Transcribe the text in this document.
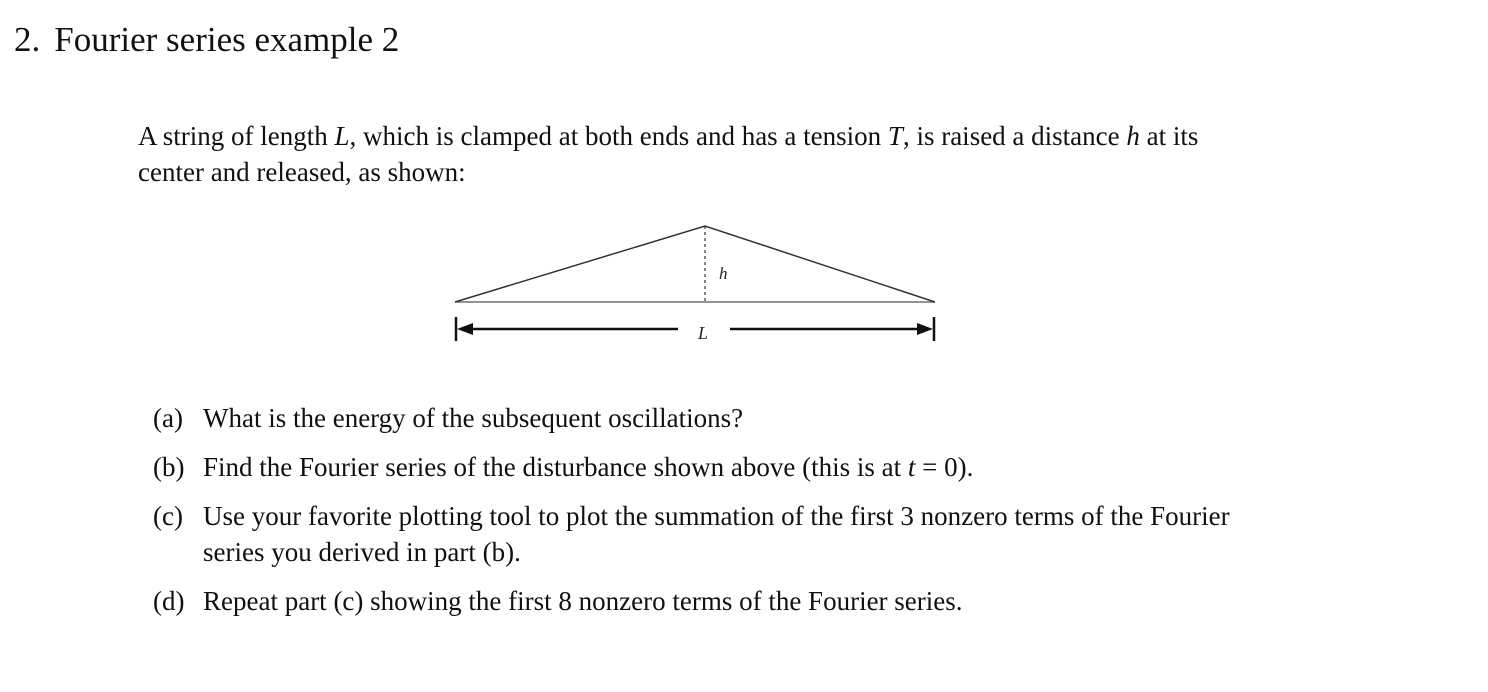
2. Fourier series example 2

A string of length L, which is clamped at both ends and has a tension T, is raised a distance h at its

center and released, as shown:

h
L
(a) What is the energy of the subsequent oscillations?

(b) Find the Fourier series of the disturbance shown above (this is at t = 0).

(c) Use your favorite plotting tool to plot the summation of the first 3 nonzero terms of the Fourier

series you derived in part (b).

(d) Repeat part (c) showing the first 8 nonzero terms of the Fourier series.
